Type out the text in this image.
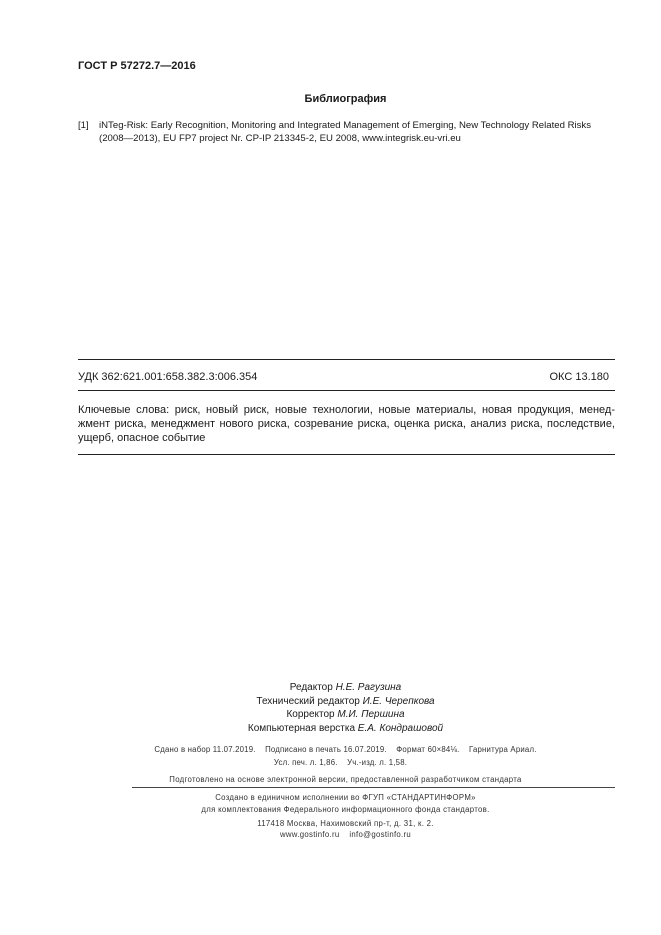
ГОСТ Р 57272.7—2016
Библиография
[1] iNTeg-Risk: Early Recognition, Monitoring and Integrated Management of Emerging, New Technology Related Risks (2008—2013), EU FP7 project Nr. CP-IP 213345-2, EU 2008, www.integrisk.eu-vri.eu
УДК 362:621.001:658.382.3:006.354	ОКС 13.180
Ключевые слова: риск, новый риск, новые технологии, новые материалы, новая продукция, менед- жмент риска, менеджмент нового риска, созревание риска, оценка риска, анализ риска, последствие, ущерб, опасное событие
Редактор Н.Е. Рагузина
Технический редактор И.Е. Черепкова
Корректор М.И. Першина
Компьютерная верстка Е.А. Кондрашовой
Сдано в набор 11.07.2019.    Подписано в печать 16.07.2019.    Формат 60×84⅛.    Гарнитура Ариал.
Усл. печ. л. 1,86.    Уч.-изд. л. 1,58.
Подготовлено на основе электронной версии, предоставленной разработчиком стандарта
Создано в единичном исполнении во ФГУП «СТАНДАРТИНФОРМ»
для комплектования Федерального информационного фонда стандартов.
117418 Москва, Нахимовский пр-т, д. 31, к. 2.
www.gostinfo.ru info@gostinfo.ru
